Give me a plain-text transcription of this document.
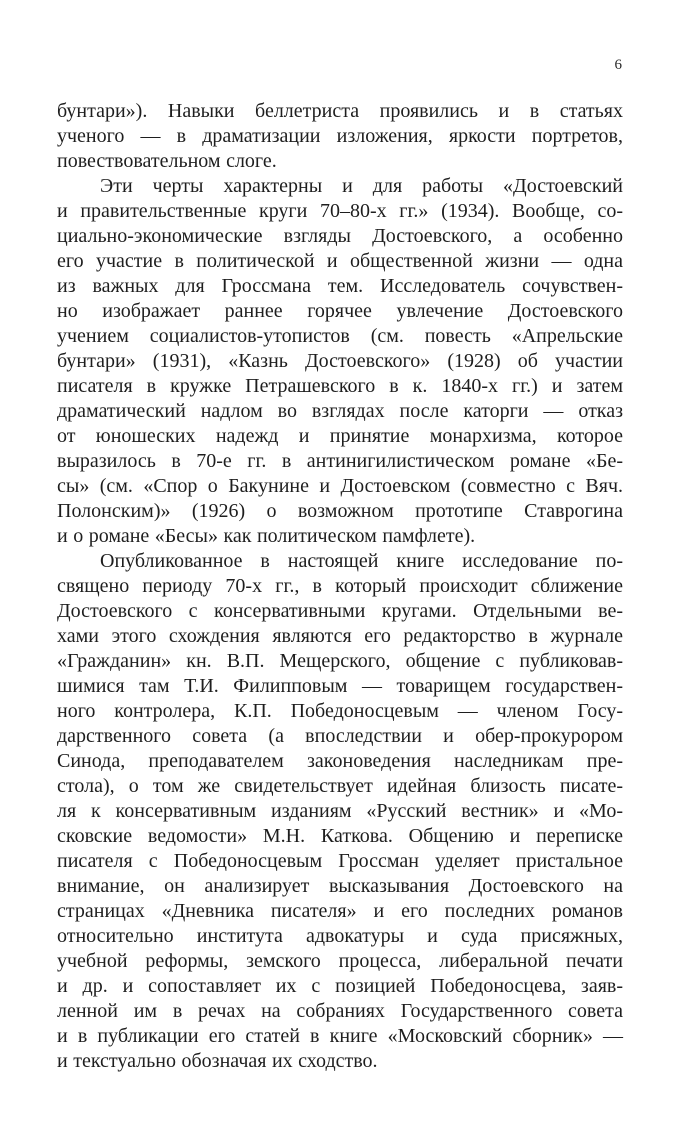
6
бунтари»). Навыки беллетриста проявились и в статьях
ученого — в драматизации изложения, яркости портретов,
повествовательном слоге.
Эти черты характерны и для работы «Достоевский
и правительственные круги 70–80-х гг.» (1934). Вообще, со-
циально-экономические взгляды Достоевского, а особенно
его участие в политической и общественной жизни — одна
из важных для Гроссмана тем. Исследователь сочувствен-
но изображает раннее горячее увлечение Достоевского
учением социалистов-утопистов (см. повесть «Апрельские
бунтари» (1931), «Казнь Достоевского» (1928) об участии
писателя в кружке Петрашевского в к. 1840-х гг.) и затем
драматический надлом во взглядах после каторги — отказ
от юношеских надежд и принятие монархизма, которое
выразилось в 70-е гг. в антинигилистическом романе «Бе-
сы» (см. «Спор о Бакунине и Достоевском (совместно с Вяч.
Полонским)» (1926) о возможном прототипе Ставрогина
и о романе «Бесы» как политическом памфлете).
Опубликованное в настоящей книге исследование по-
священо периоду 70-х гг., в который происходит сближение
Достоевского с консервативными кругами. Отдельными ве-
хами этого схождения являются его редакторство в журнале
«Гражданин» кн. В.П. Мещерского, общение с публиковав-
шимися там Т.И. Филипповым — товарищем государствен-
ного контролера, К.П. Победоносцевым — членом Госу-
дарственного совета (а впоследствии и обер-прокурором
Синода, преподавателем законоведения наследникам пре-
стола), о том же свидетельствует идейная близость писате-
ля к консервативным изданиям «Русский вестник» и «Мо-
сковские ведомости» М.Н. Каткова. Общению и переписке
писателя с Победоносцевым Гроссман уделяет пристальное
внимание, он анализирует высказывания Достоевского на
страницах «Дневника писателя» и его последних романов
относительно института адвокатуры и суда присяжных,
учебной реформы, земского процесса, либеральной печати
и др. и сопоставляет их с позицией Победоносцева, заяв-
ленной им в речах на собраниях Государственного совета
и в публикации его статей в книге «Московский сборник» —
и текстуально обозначая их сходство.
